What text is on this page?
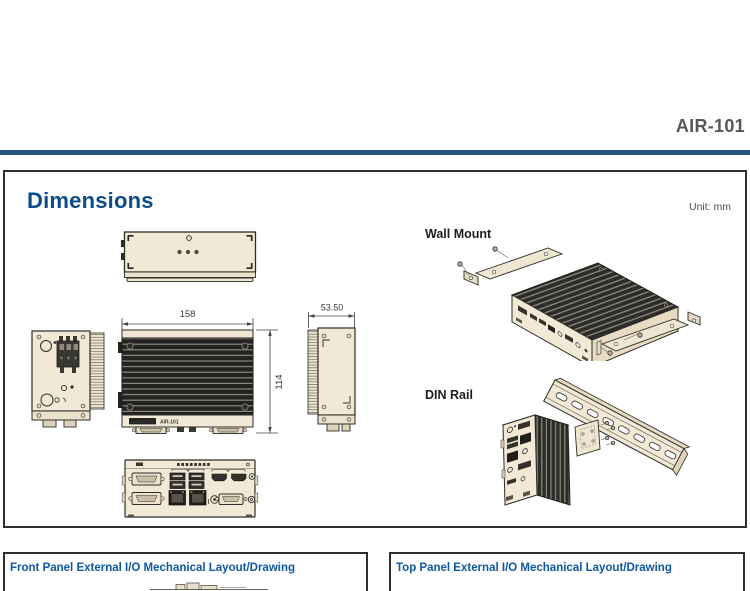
AIR-101
Dimensions	Unit: mm
Wall Mount
DIN Rail
158
114
ADVANTECH AIR-101
53.50
Front Panel External I/O Mechanical Layout/Drawing	Top Panel External I/O Mechanical Layout/Drawing
